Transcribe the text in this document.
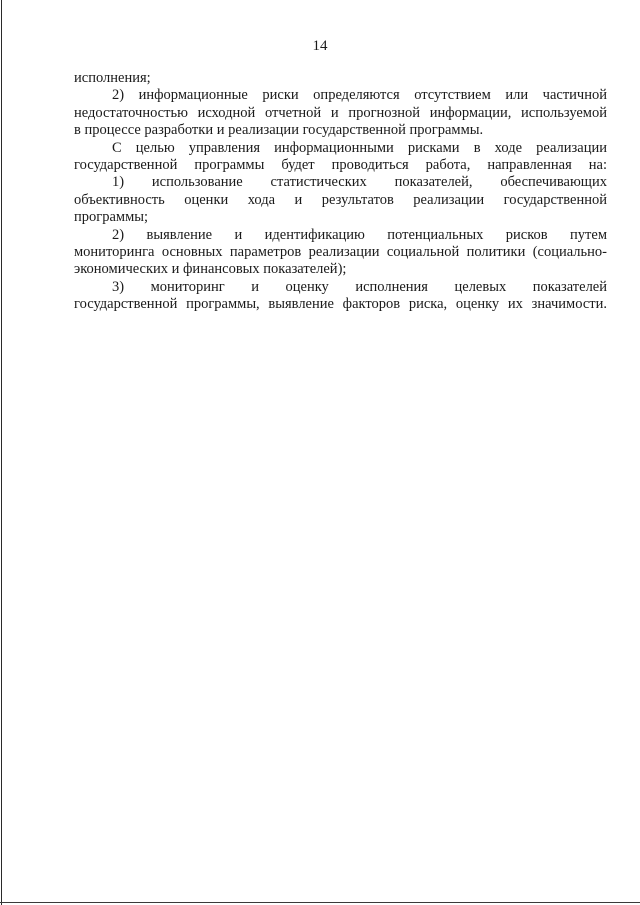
14
исполнения;
2) информационные риски определяются отсутствием или частичной
недостаточностью исходной отчетной и прогнозной информации, используемой
в процессе разработки и реализации государственной программы.
С целью управления информационными рисками в ходе реализации
государственной программы будет проводиться работа, направленная на:
1) использование статистических показателей, обеспечивающих
объективность оценки хода и результатов реализации государственной
программы;
2) выявление и идентификацию потенциальных рисков путем
мониторинга основных параметров реализации социальной политики (социально-
экономических и финансовых показателей);
3) мониторинг и оценку исполнения целевых показателей
государственной программы, выявление факторов риска, оценку их значимости.
